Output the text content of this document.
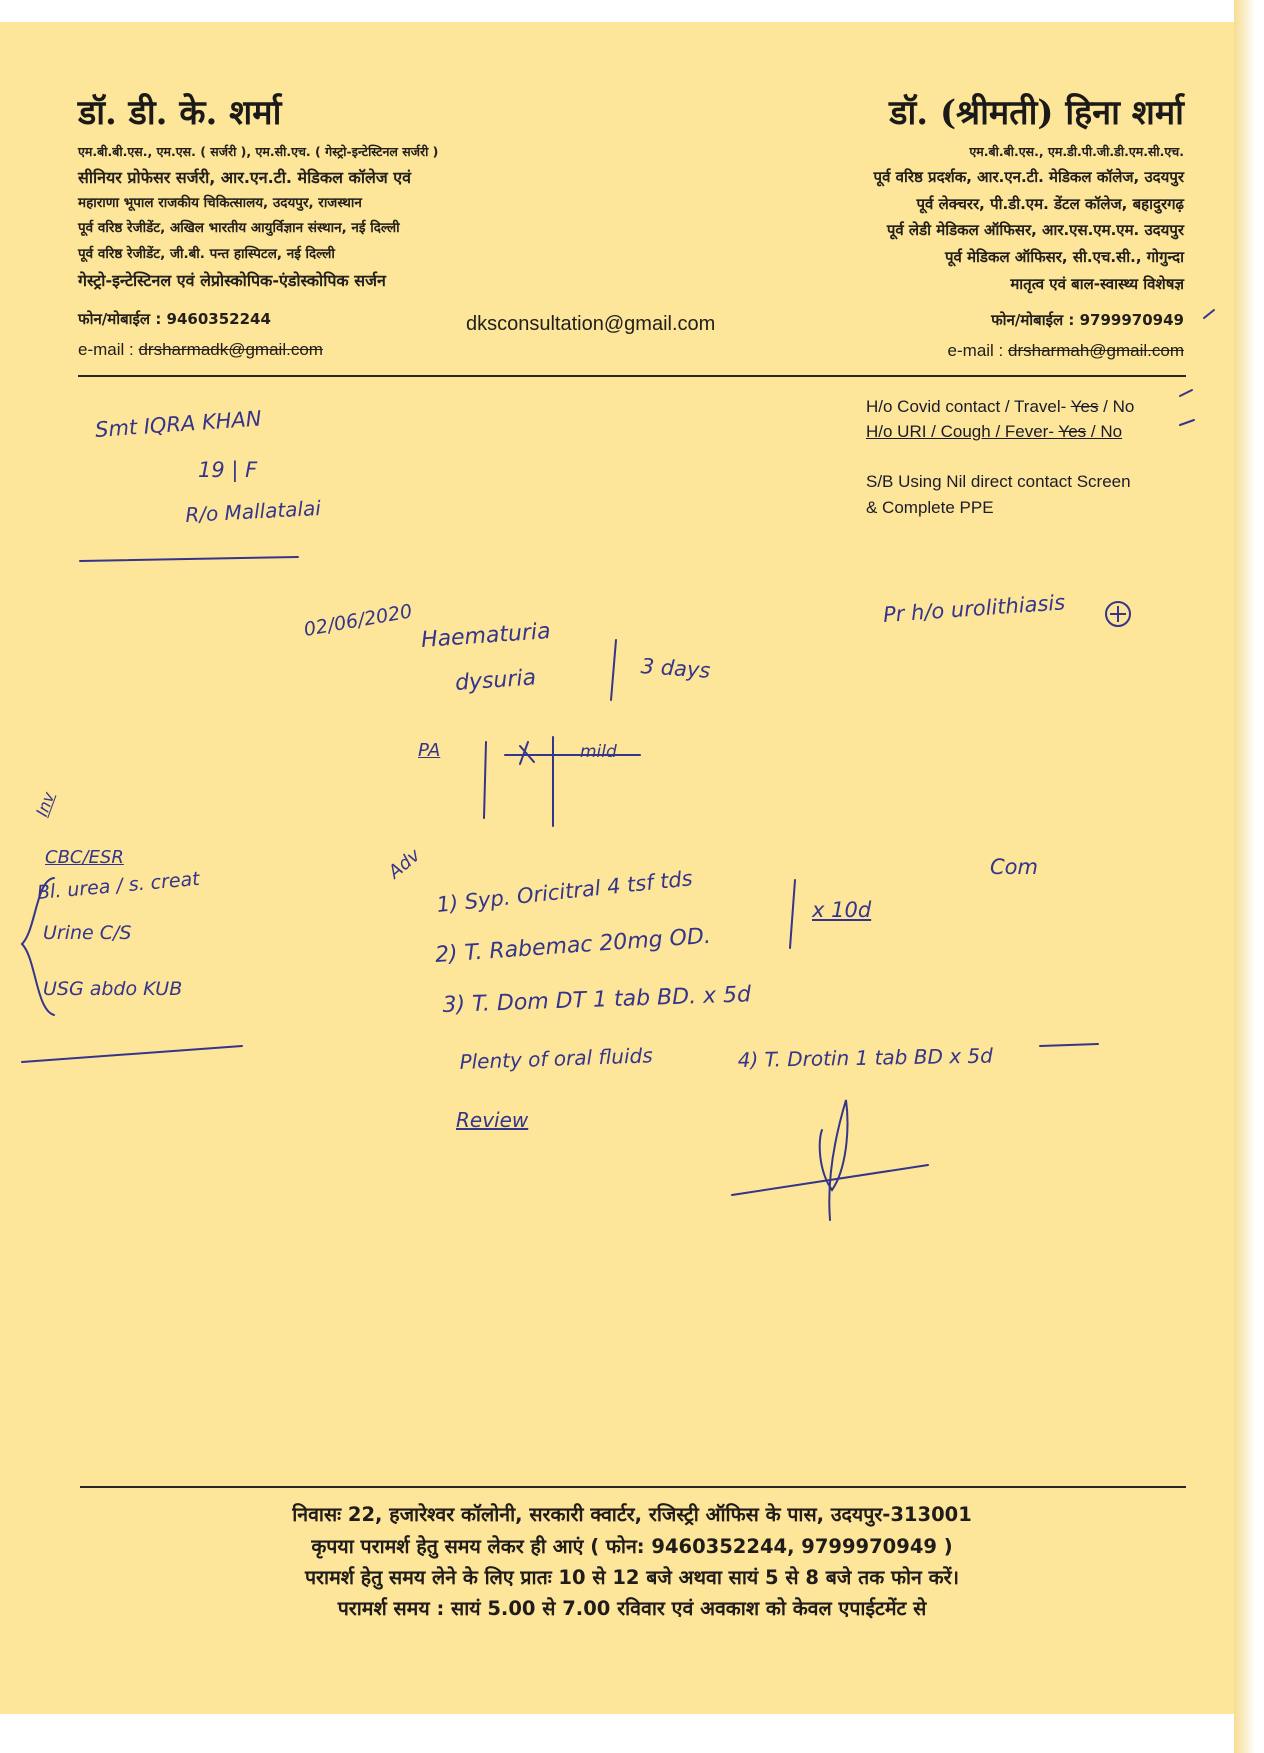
डॉ. डी. के. शर्मा
एम.बी.बी.एस., एम.एस. ( सर्जरी ), एम.सी.एच. ( गेस्ट्रो-इन्टेस्टिनल सर्जरी )
सीनियर प्रोफेसर सर्जरी, आर.एन.टी. मेडिकल कॉलेज एवं
महाराणा भूपाल राजकीय चिकित्सालय, उदयपुर, राजस्थान
पूर्व वरिष्ठ रेजीडेंट, अखिल भारतीय आयुर्विज्ञान संस्थान, नई दिल्ली
पूर्व वरिष्ठ रेजीडेंट, जी.बी. पन्त हास्पिटल, नई दिल्ली
गेस्ट्रो-इन्टेस्टिनल एवं लेप्रोस्कोपिक-एंडोस्कोपिक सर्जन
फोन/मोबाईल : 9460352244
e-mail : drsharmadk@gmail.com
dksconsultation@gmail.com
डॉ. (श्रीमती) हिना शर्मा
एम.बी.बी.एस., एम.डी.पी.जी.डी.एम.सी.एच.
पूर्व वरिष्ठ प्रदर्शक, आर.एन.टी. मेडिकल कॉलेज, उदयपुर
पूर्व लेक्चरर, पी.डी.एम. डेंटल कॉलेज, बहादुरगढ़
पूर्व लेडी मेडिकल ऑफिसर, आर.एस.एम.एम. उदयपुर
पूर्व मेडिकल ऑफिसर, सी.एच.सी., गोगुन्दा
मातृत्व एवं बाल-स्वास्थ्य विशेषज्ञ
फोन/मोबाईल : 9799970949
e-mail : drsharmah@gmail.com
H/o Covid contact / Travel- Yes / No
H/o URI / Cough / Fever- Yes / No
S/B Using Nil direct contact Screen
& Complete PPE
Smt IQRA KHAN
19 | F
R/o Mallatalai
02/06/2020 Haematuria
dysuria	3 days
Pr h/o urolithiasis
PA	mild
Inv
CBC/ESR
Bl. urea / s. creat
Urine C/S
USG abdo KUB
Adv
1) Syp. Oricitral 4 tsf tds	x 10d
2) T. Rabemac 20mg OD.
3) T. Dom DT 1 tab BD. x 5d
Plenty of oral fluids	4) T. Drotin 1 tab BD x 5d
Review
Com
निवासः 22, हजारेश्वर कॉलोनी, सरकारी क्वार्टर, रजिस्ट्री ऑफिस के पास, उदयपुर-313001
कृपया परामर्श हेतु समय लेकर ही आएं ( फोन: 9460352244, 9799970949 )
परामर्श हेतु समय लेने के लिए प्रातः 10 से 12 बजे अथवा सायं 5 से 8 बजे तक फोन करें।
परामर्श समय : सायं 5.00 से 7.00 रविवार एवं अवकाश को केवल एपाईटमेंट से
